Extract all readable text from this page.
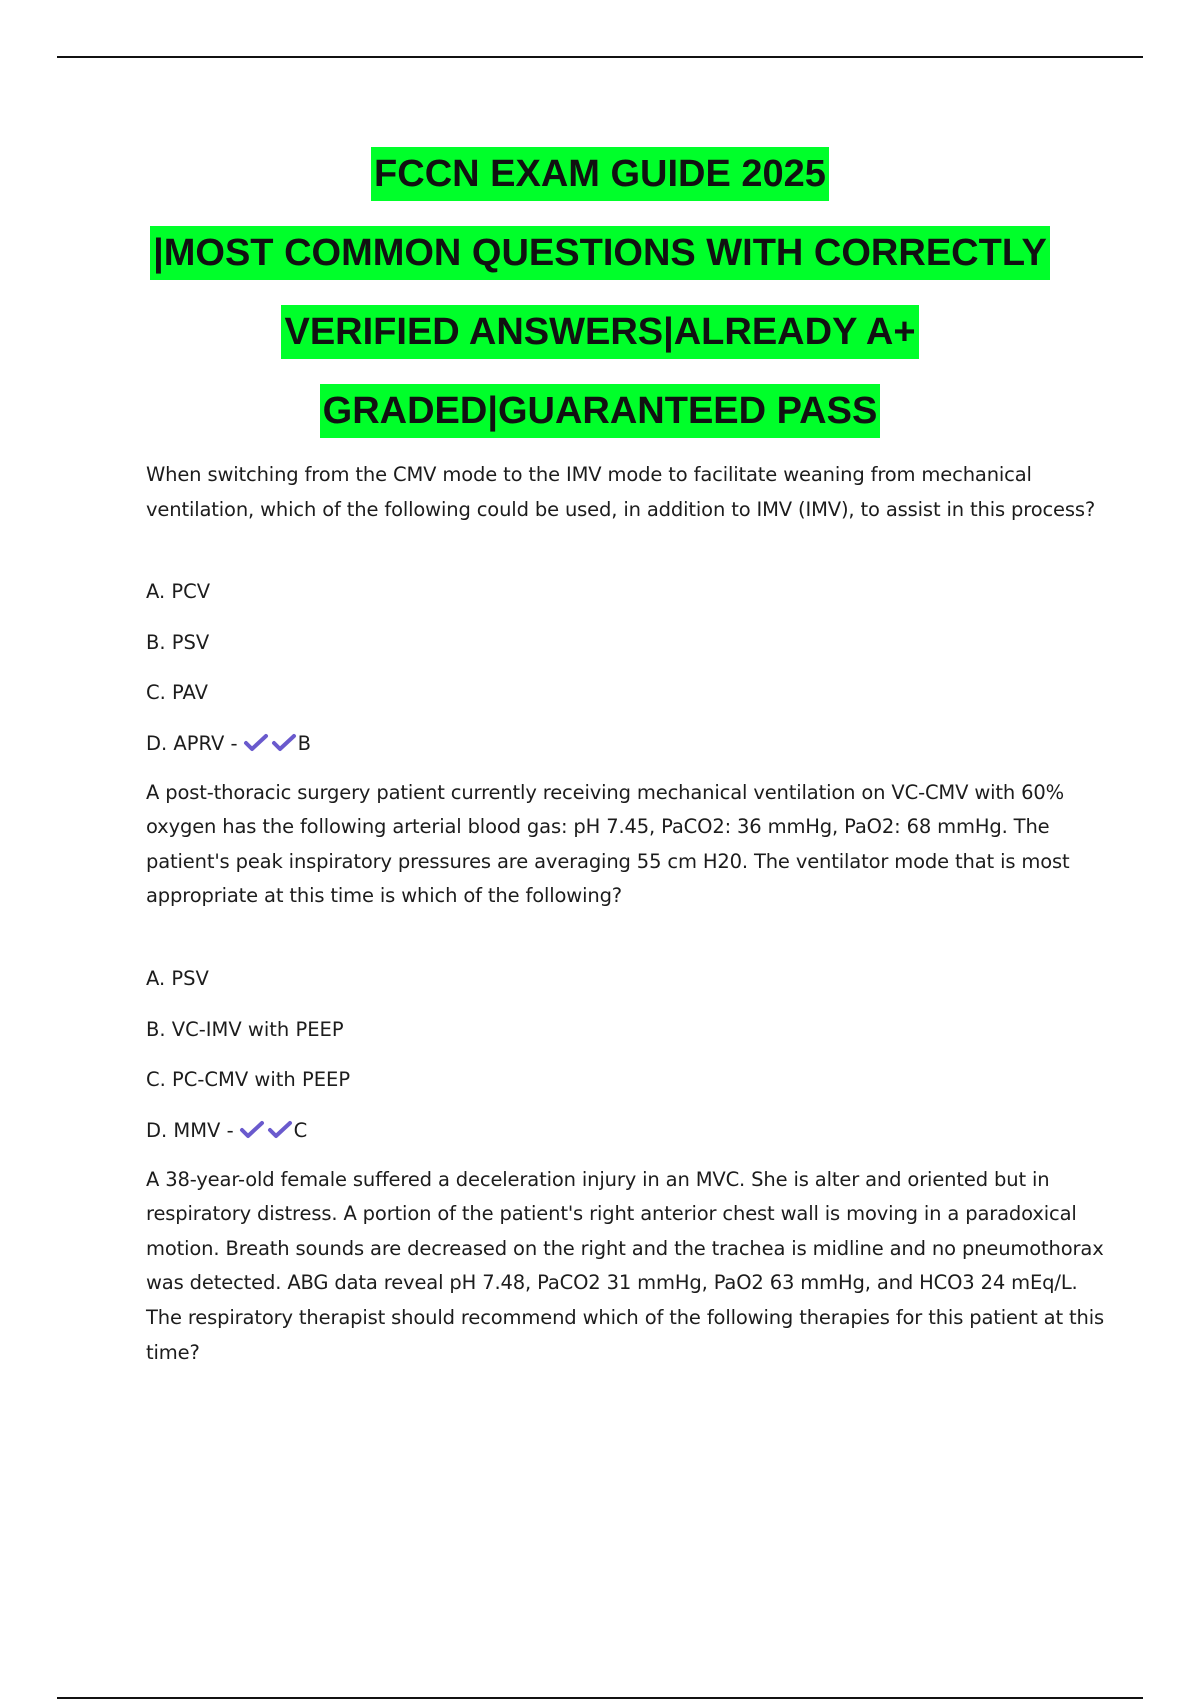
FCCN EXAM GUIDE 2025
|MOST COMMON QUESTIONS WITH CORRECTLY
VERIFIED ANSWERS|ALREADY A+
GRADED|GUARANTEED PASS

When switching from the CMV mode to the IMV mode to facilitate weaning from mechanical ventilation, which of the following could be used, in addition to IMV (IMV), to assist in this process?

A. PCV

B. PSV

C. PAV

D. APRV -	B

A post-thoracic surgery patient currently receiving mechanical ventilation on VC-CMV with 60% oxygen has the following arterial blood gas: pH 7.45, PaCO2: 36 mmHg, PaO2: 68 mmHg. The patient's peak inspiratory pressures are averaging 55 cm H20. The ventilator mode that is most appropriate at this time is which of the following?

A. PSV

B. VC-IMV with PEEP

C. PC-CMV with PEEP

D. MMV -	C

A 38-year-old female suffered a deceleration injury in an MVC. She is alter and oriented but in respiratory distress. A portion of the patient's right anterior chest wall is moving in a paradoxical motion. Breath sounds are decreased on the right and the trachea is midline and no pneumothorax was detected. ABG data reveal pH 7.48, PaCO2 31 mmHg, PaO2 63 mmHg, and HCO3 24 mEq/L. The respiratory therapist should recommend which of the following therapies for this patient at this time?
